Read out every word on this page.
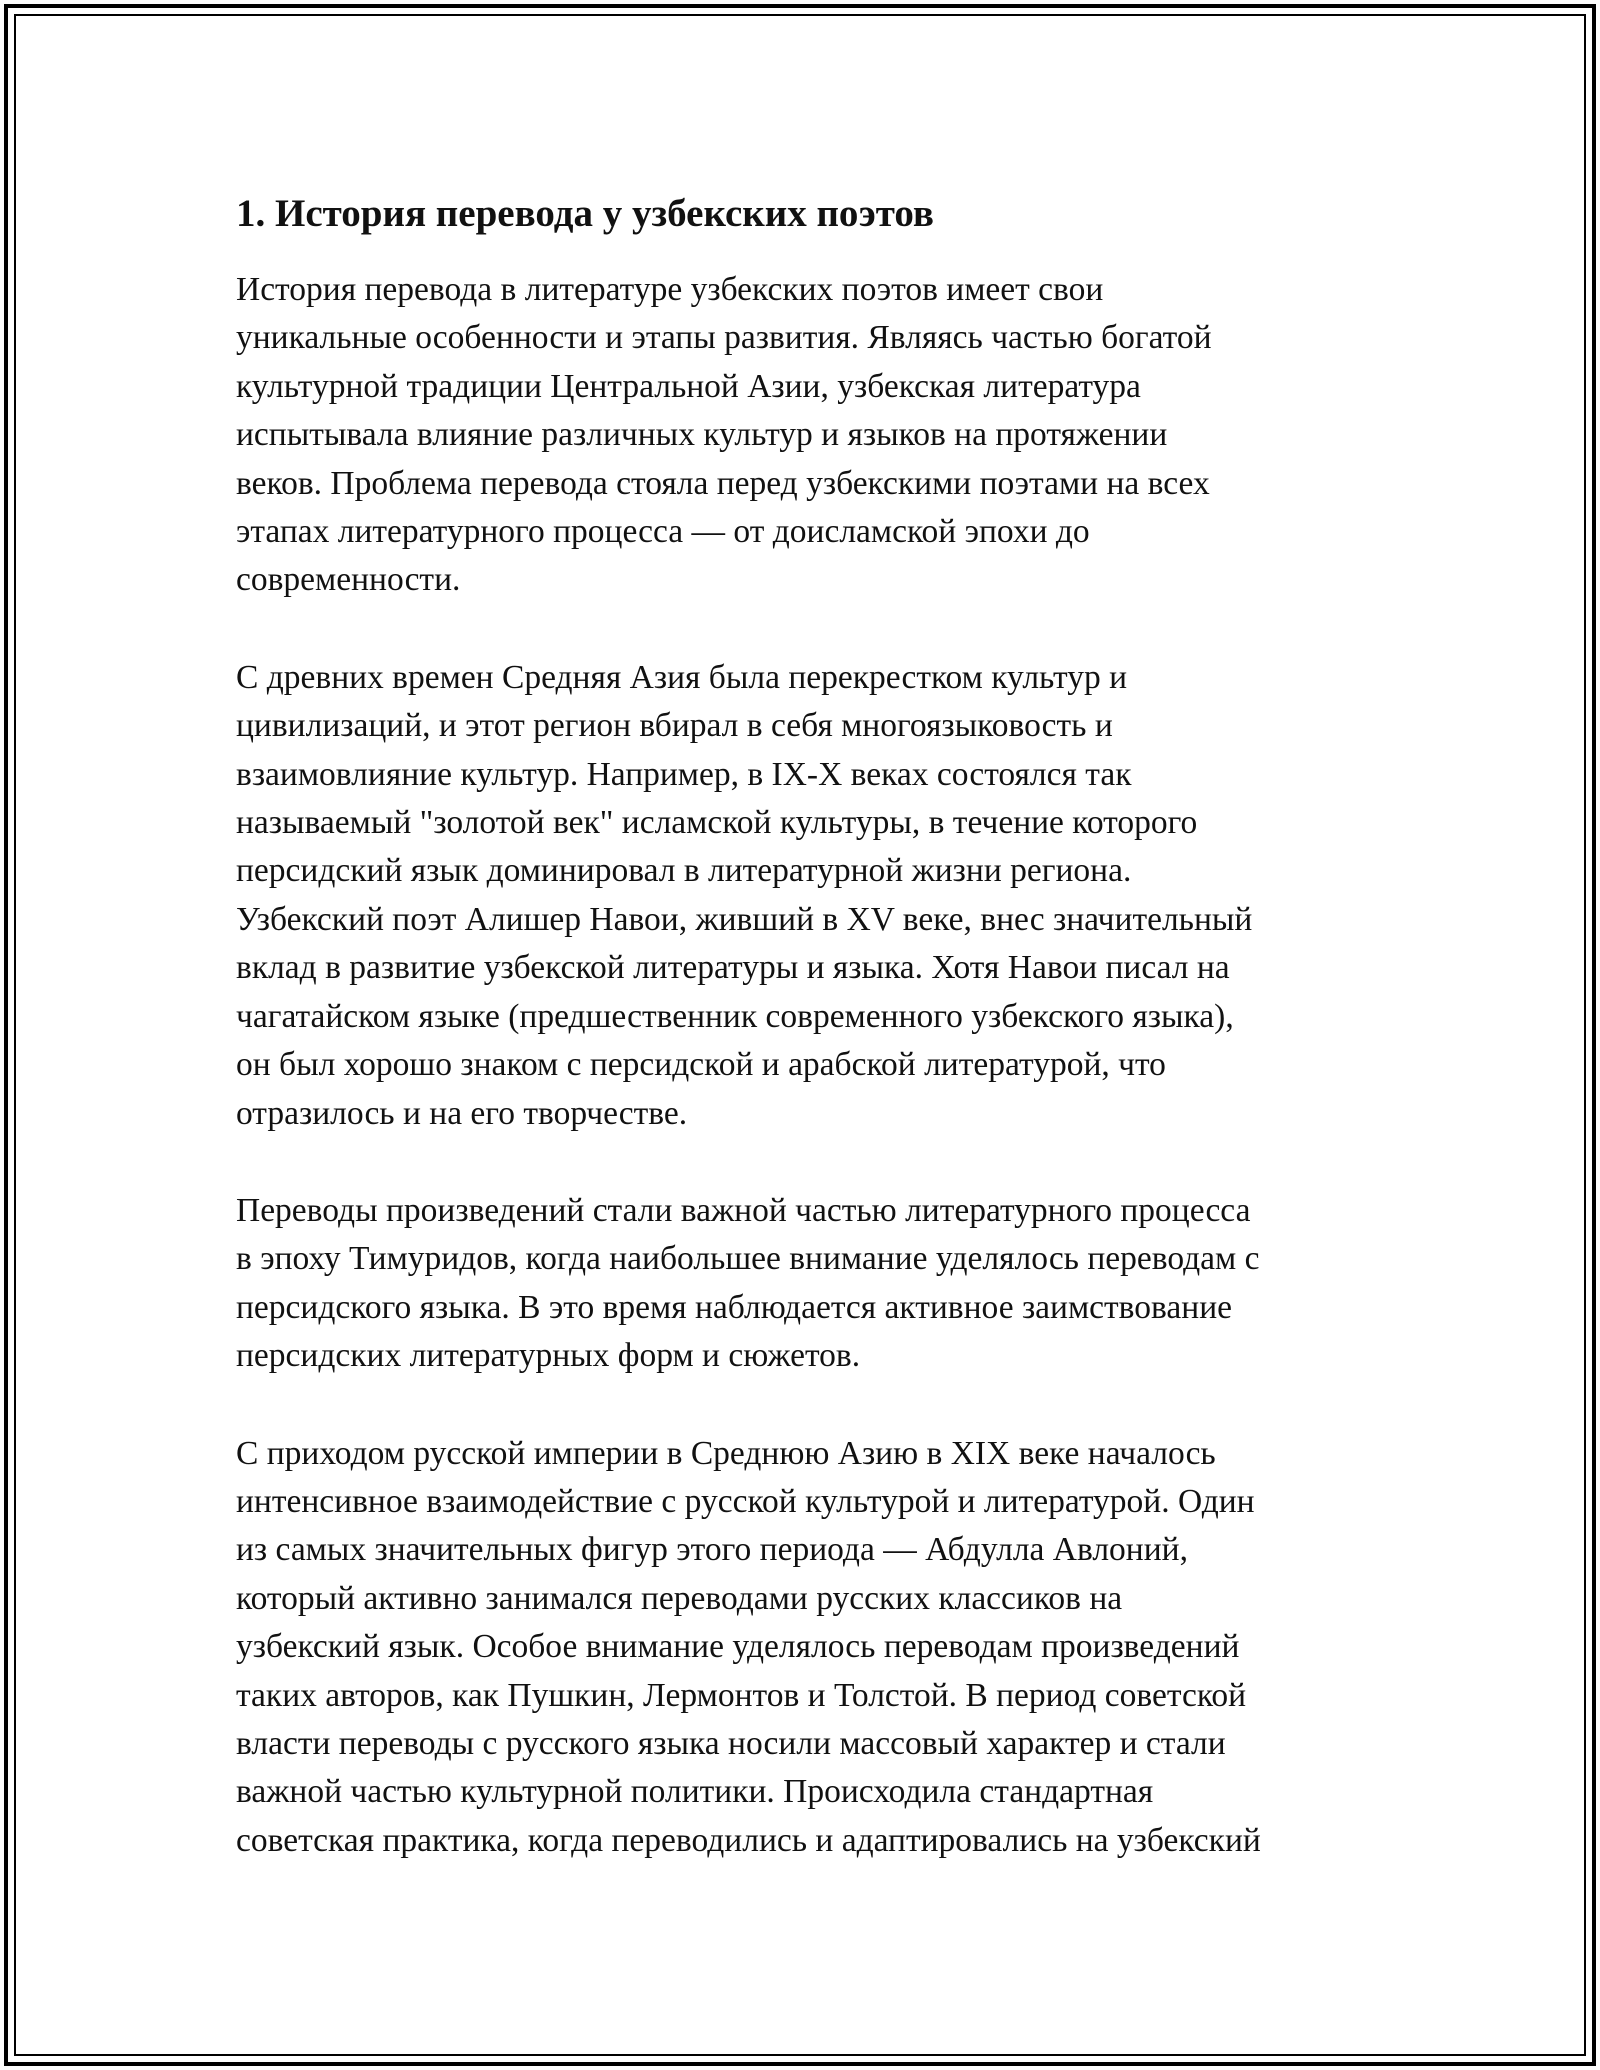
1. История перевода у узбекских поэтов

История перевода в литературе узбекских поэтов имеет свои
уникальные особенности и этапы развития. Являясь частью богатой
культурной традиции Центральной Азии, узбекская литература
испытывала влияние различных культур и языков на протяжении
веков. Проблема перевода стояла перед узбекскими поэтами на всех
этапах литературного процесса — от доисламской эпохи до
современности.

С древних времен Средняя Азия была перекрестком культур и
цивилизаций, и этот регион вбирал в себя многоязыковость и
взаимовлияние культур. Например, в IX-X веках состоялся так
называемый "золотой век" исламской культуры, в течение которого
персидский язык доминировал в литературной жизни региона.
Узбекский поэт Алишер Навои, живший в XV веке, внес значительный
вклад в развитие узбекской литературы и языка. Хотя Навои писал на
чагатайском языке (предшественник современного узбекского языка),
он был хорошо знаком с персидской и арабской литературой, что
отразилось и на его творчестве.

Переводы произведений стали важной частью литературного процесса
в эпоху Тимуридов, когда наибольшее внимание уделялось переводам с
персидского языка. В это время наблюдается активное заимствование
персидских литературных форм и сюжетов.

С приходом русской империи в Среднюю Азию в XIX веке началось
интенсивное взаимодействие с русской культурой и литературой. Один
из самых значительных фигур этого периода — Абдулла Авлоний,
который активно занимался переводами русских классиков на
узбекский язык. Особое внимание уделялось переводам произведений
таких авторов, как Пушкин, Лермонтов и Толстой. В период советской
власти переводы с русского языка носили массовый характер и стали
важной частью культурной политики. Происходила стандартная
советская практика, когда переводились и адаптировались на узбекский
